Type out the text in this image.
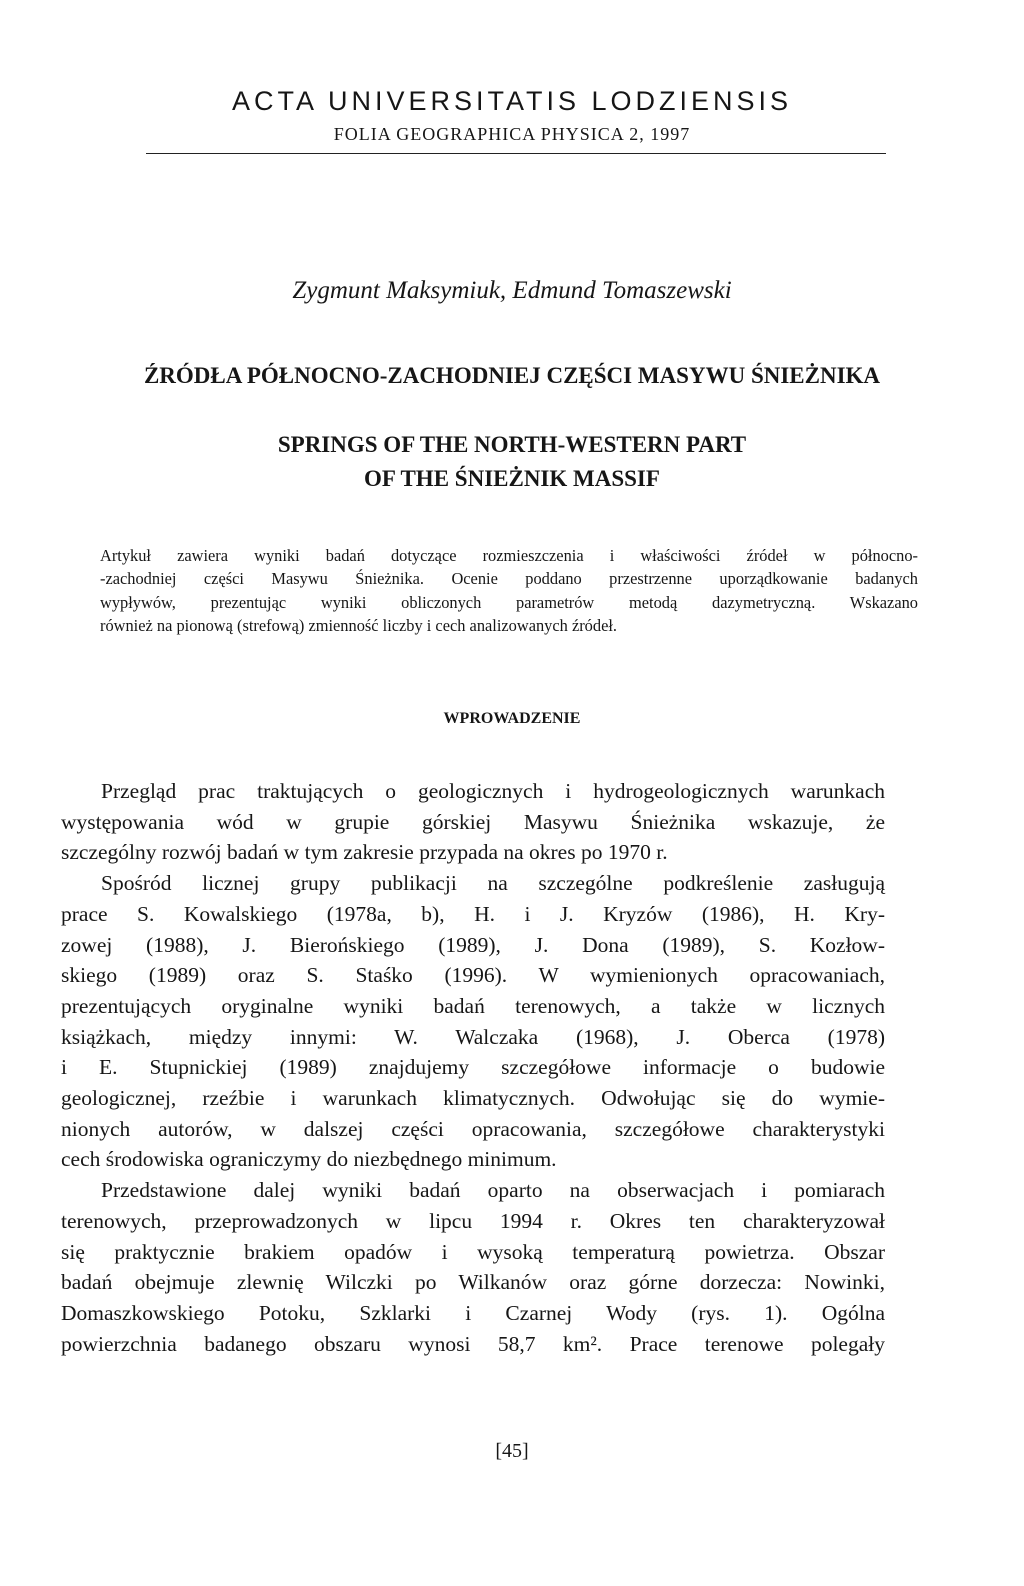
ACTA UNIVERSITATIS LODZIENSIS
FOLIA GEOGRAPHICA PHYSICA 2, 1997
Zygmunt Maksymiuk, Edmund Tomaszewski
ŹRÓDŁA PÓŁNOCNO-ZACHODNIEJ CZĘŚCI MASYWU ŚNIEŻNIKA
SPRINGS OF THE NORTH-WESTERN PART
OF THE ŚNIEŻNIK MASSIF
Artykuł zawiera wyniki badań dotyczące rozmieszczenia i właściwości źródeł w północno-
-zachodniej części Masywu Śnieżnika. Ocenie poddano przestrzenne uporządkowanie badanych
wypływów, prezentując wyniki obliczonych parametrów metodą dazymetryczną. Wskazano
również na pionową (strefową) zmienność liczby i cech analizowanych źródeł.
WPROWADZENIE
Przegląd prac traktujących o geologicznych i hydrogeologicznych warunkach
występowania wód w grupie górskiej Masywu Śnieżnika wskazuje, że
szczególny rozwój badań w tym zakresie przypada na okres po 1970 r.
Spośród licznej grupy publikacji na szczególne podkreślenie zasługują
prace S. Kowalskiego (1978a, b), H. i J. Kryzów (1986), H. Kry-
zowej (1988), J. Bierońskiego (1989), J. Dona (1989), S. Kozłow-
skiego (1989) oraz S. Staśko (1996). W wymienionych opracowaniach,
prezentujących oryginalne wyniki badań terenowych, a także w licznych
książkach, między innymi: W. Walczaka (1968), J. Oberca (1978)
i E. Stupnickiej (1989) znajdujemy szczegółowe informacje o budowie
geologicznej, rzeźbie i warunkach klimatycznych. Odwołując się do wymie-
nionych autorów, w dalszej części opracowania, szczegółowe charakterystyki
cech środowiska ograniczymy do niezbędnego minimum.
Przedstawione dalej wyniki badań oparto na obserwacjach i pomiarach
terenowych, przeprowadzonych w lipcu 1994 r. Okres ten charakteryzował
się praktycznie brakiem opadów i wysoką temperaturą powietrza. Obszar
badań obejmuje zlewnię Wilczki po Wilkanów oraz górne dorzecza: Nowinki,
Domaszkowskiego Potoku, Szklarki i Czarnej Wody (rys. 1). Ogólna
powierzchnia badanego obszaru wynosi 58,7 km². Prace terenowe polegały
[45]
